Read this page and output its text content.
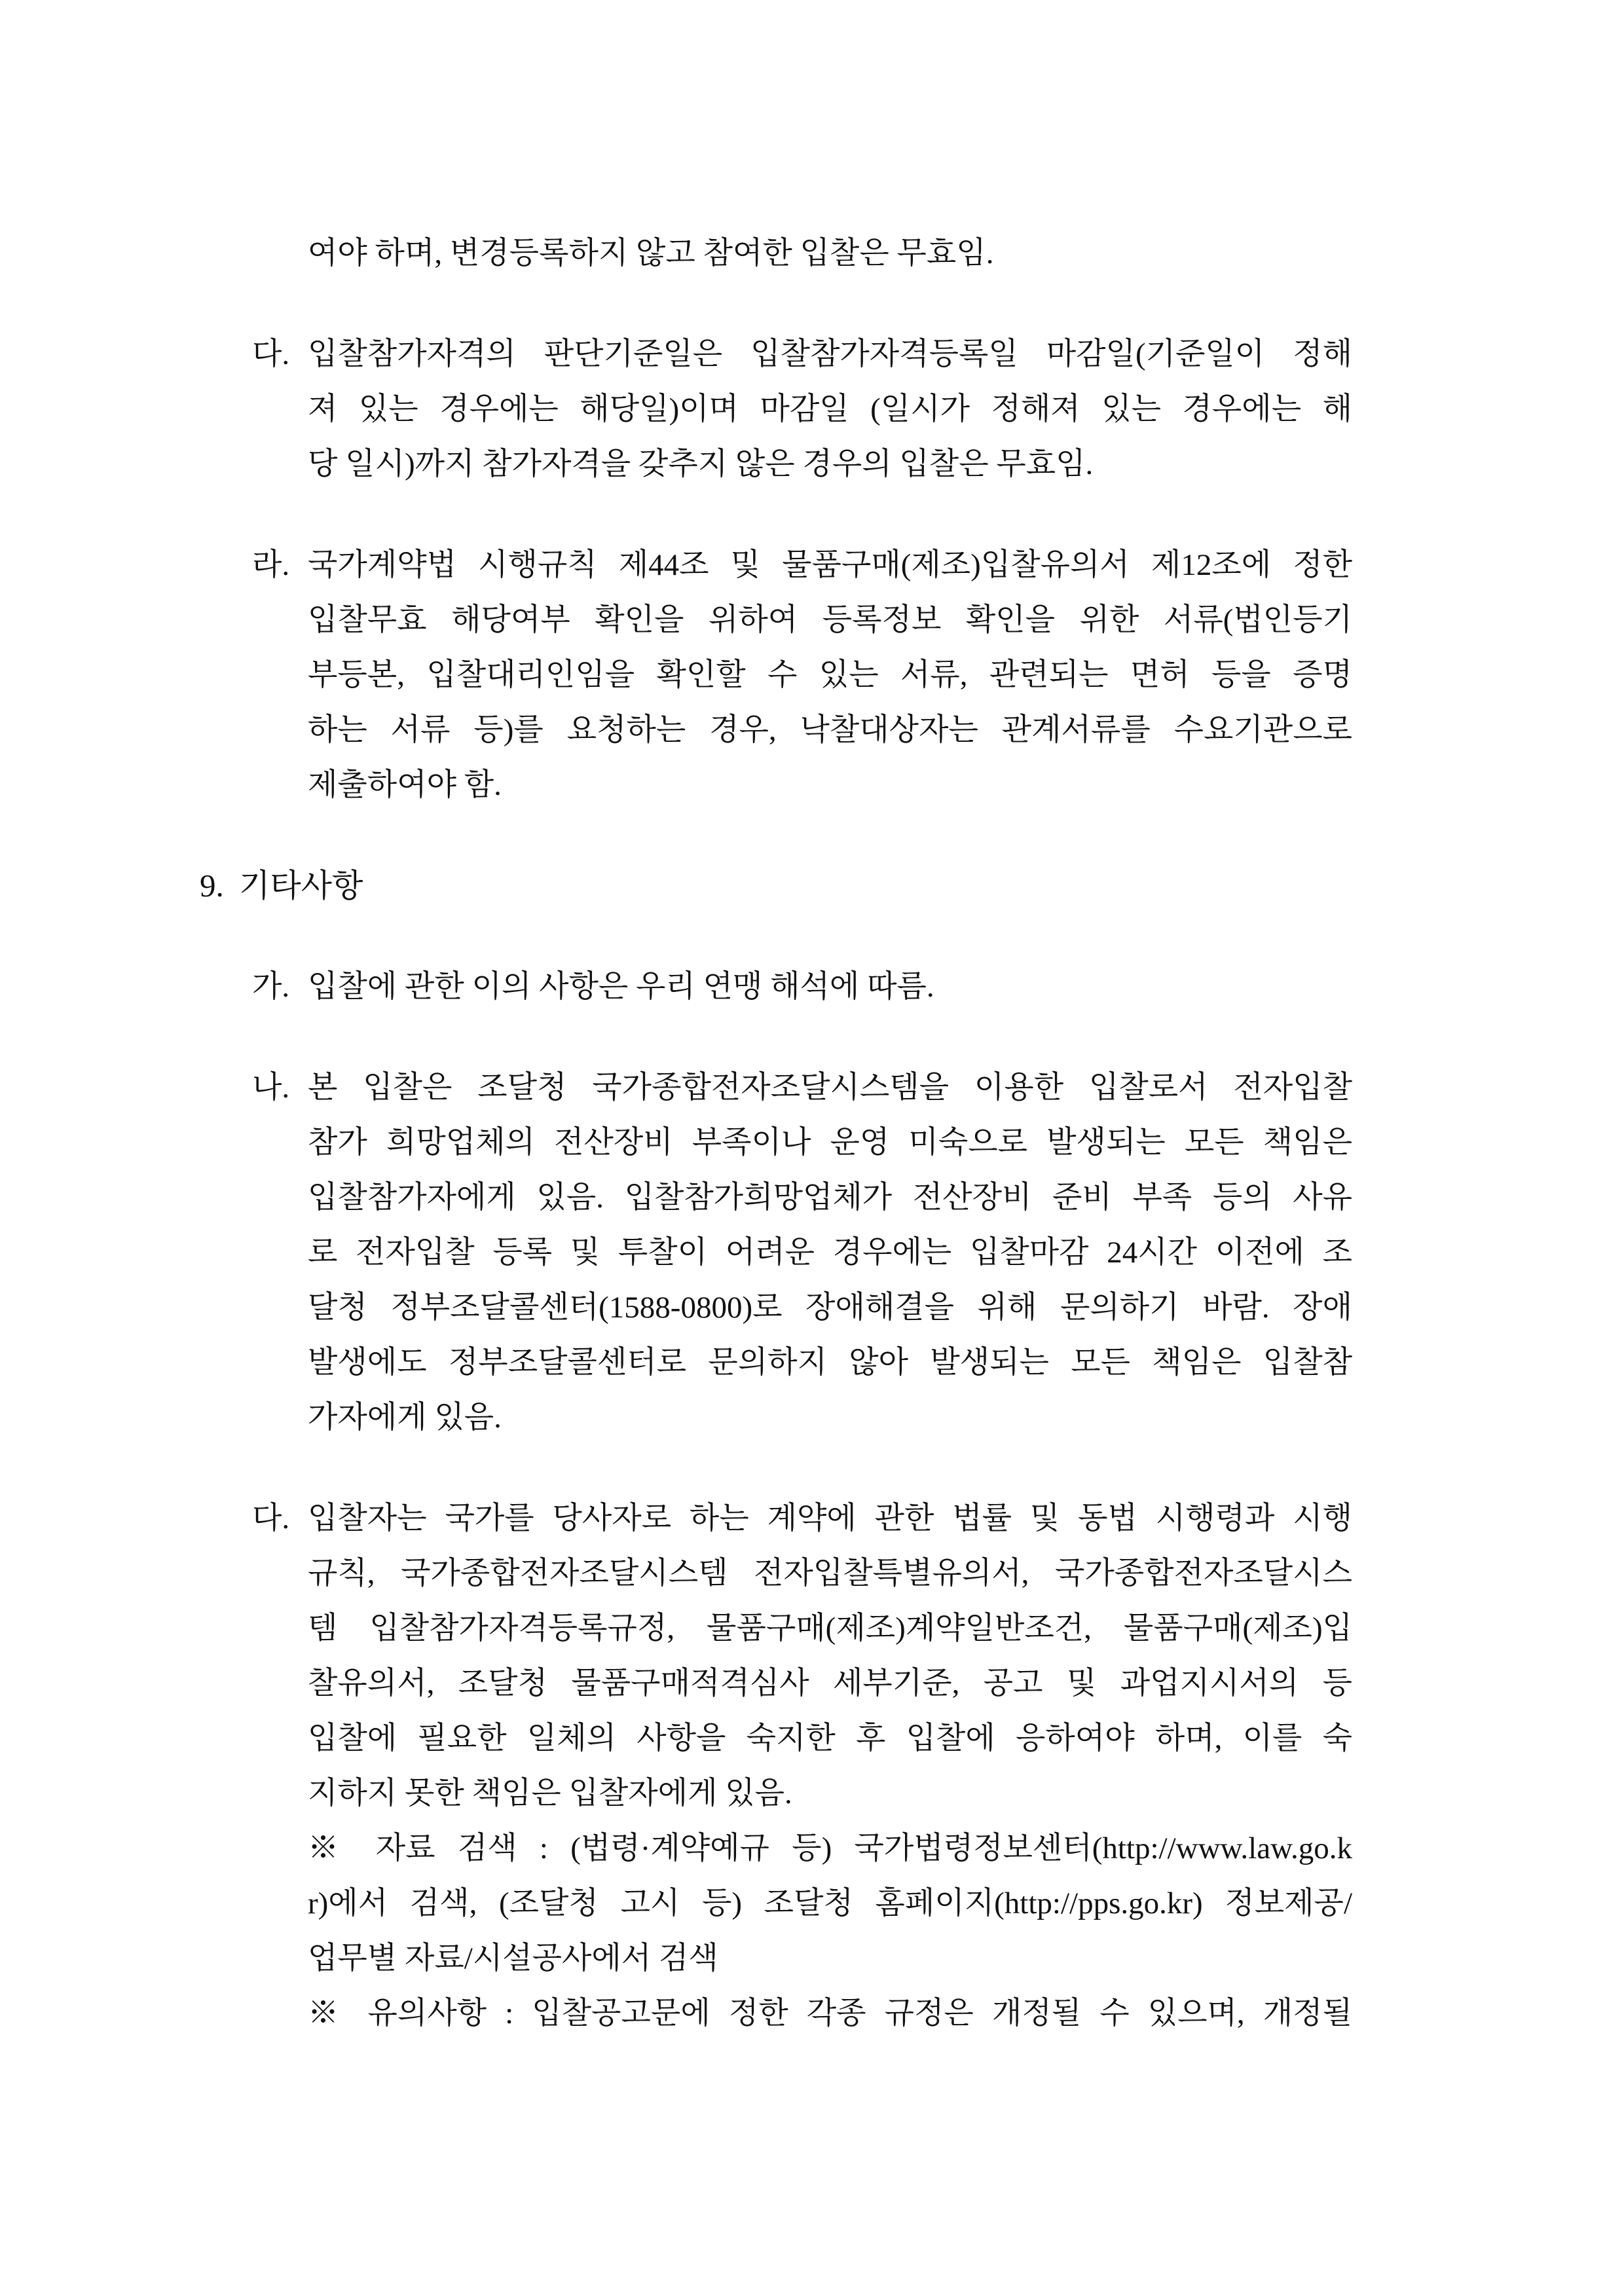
여야 하며, 변경등록하지 않고 참여한 입찰은 무효임.
입찰참가자격의 판단기준일은 입찰참가자격등록일 마감일(기준일이 정해
다.
져 있는 경우에는 해당일)이며 마감일 (일시가 정해져 있는 경우에는 해
당 일시)까지 참가자격을 갖추지 않은 경우의 입찰은 무효임.
국가계약법 시행규칙 제44조 및 물품구매(제조)입찰유의서 제12조에 정한
라.
입찰무효 해당여부 확인을 위하여 등록정보 확인을 위한 서류(법인등기
부등본, 입찰대리인임을 확인할 수 있는 서류, 관련되는 면허 등을 증명
하는 서류 등)를 요청하는 경우, 낙찰대상자는 관계서류를 수요기관으로
제출하여야 함.
9. 기타사항
입찰에 관한 이의 사항은 우리 연맹 해석에 따름.
가.
본 입찰은 조달청 국가종합전자조달시스템을 이용한 입찰로서 전자입찰
나.
참가 희망업체의 전산장비 부족이나 운영 미숙으로 발생되는 모든 책임은
입찰참가자에게 있음. 입찰참가희망업체가 전산장비 준비 부족 등의 사유
로 전자입찰 등록 및 투찰이 어려운 경우에는 입찰마감 24시간 이전에 조
달청 정부조달콜센터(1588-0800)로 장애해결을 위해 문의하기 바람. 장애
발생에도 정부조달콜센터로 문의하지 않아 발생되는 모든 책임은 입찰참
가자에게 있음.
입찰자는 국가를 당사자로 하는 계약에 관한 법률 및 동법 시행령과 시행
다.
규칙, 국가종합전자조달시스템 전자입찰특별유의서, 국가종합전자조달시스
템 입찰참가자격등록규정, 물품구매(제조)계약일반조건, 물품구매(제조)입
찰유의서, 조달청 물품구매적격심사 세부기준, 공고 및 과업지시서의 등
입찰에 필요한 일체의 사항을 숙지한 후 입찰에 응하여야 하며, 이를 숙
지하지 못한 책임은 입찰자에게 있음.
※ 자료 검색 : (법령·계약예규 등) 국가법령정보센터(http://www.law.go.k
r)에서 검색, (조달청 고시 등) 조달청 홈페이지(http://pps.go.kr) 정보제공/
업무별 자료/시설공사에서 검색
※ 유의사항 : 입찰공고문에 정한 각종 규정은 개정될 수 있으며, 개정될
